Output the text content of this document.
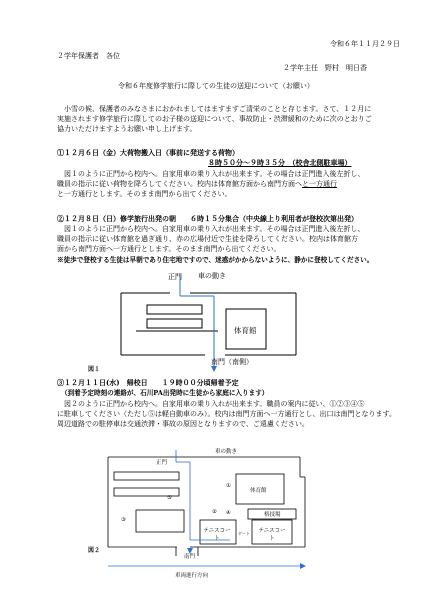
令和６年１１月２９日
２学年保護者　各位
２学年主任　野村　明日香
令和６年度修学旅行に際しての生徒の送迎について（お願い）
小雪の候、保護者のみなさまにおかれましてはますますご清栄のことと存じます。さて、１２月に
実施されます修学旅行に際してのお子様の送迎について、事故防止・渋滞緩和のために次のとおりご
協力いただけますようお願い申し上げます。
①１２月６日（金）大荷物搬入日（事前に発送する荷物）
８時５０分～９時３５分　（校舎北側駐車場）
図１のように正門から校内へ。自家用車の乗り入れが出来ます。その場合は正門進入後左折し、
職員の指示に従い荷物を降ろしてください。校内は体育館方面から南門方面へと一方通行
と一方通行とします。そのまま南門から出てください。
②１２月８日（日）修学旅行出発の朝　　６時１５分集合（中央線上り利用者が登校次第出発）
図１のように正門から校内へ。自家用車の乗り入れが出来ます。その場合は正門進入後左折し、
職員の指示に従い体育館を過ぎ通り、赤の広場付近で生徒を降ろしてください。校内は体育館方
面から南門方面へ一方通行とします。そのまま南門から出てください。
※徒歩で登校する生徒は早朝であり住宅地ですので、迷惑がかからないように、静かに登校してください。
正門 車の動き
体育館
南門（南側）
図１
③１２月１１日(水)　帰校日　　１９時００分頃帰着予定
（到着予定時刻の連絡が、石川PA出発時に生徒から家庭に入ります）
図２のように正門から校内へ。自家用車の乗り入れが出来ます。職員の案内に従い、①②③④⑤
に駐車してください（ただし⑤は軽自動車のみ）。校内は南門方面へ一方通行とし、出口は南門となります。
周辺道路での駐停車は交通渋滞・事故の原因となりますので、ご遠慮ください。
車の動き
正門
体育館
③
①
② ④
⑤
格技場
テニスコート
テニスコート
ゲート
南門
図２
車両進行方向
